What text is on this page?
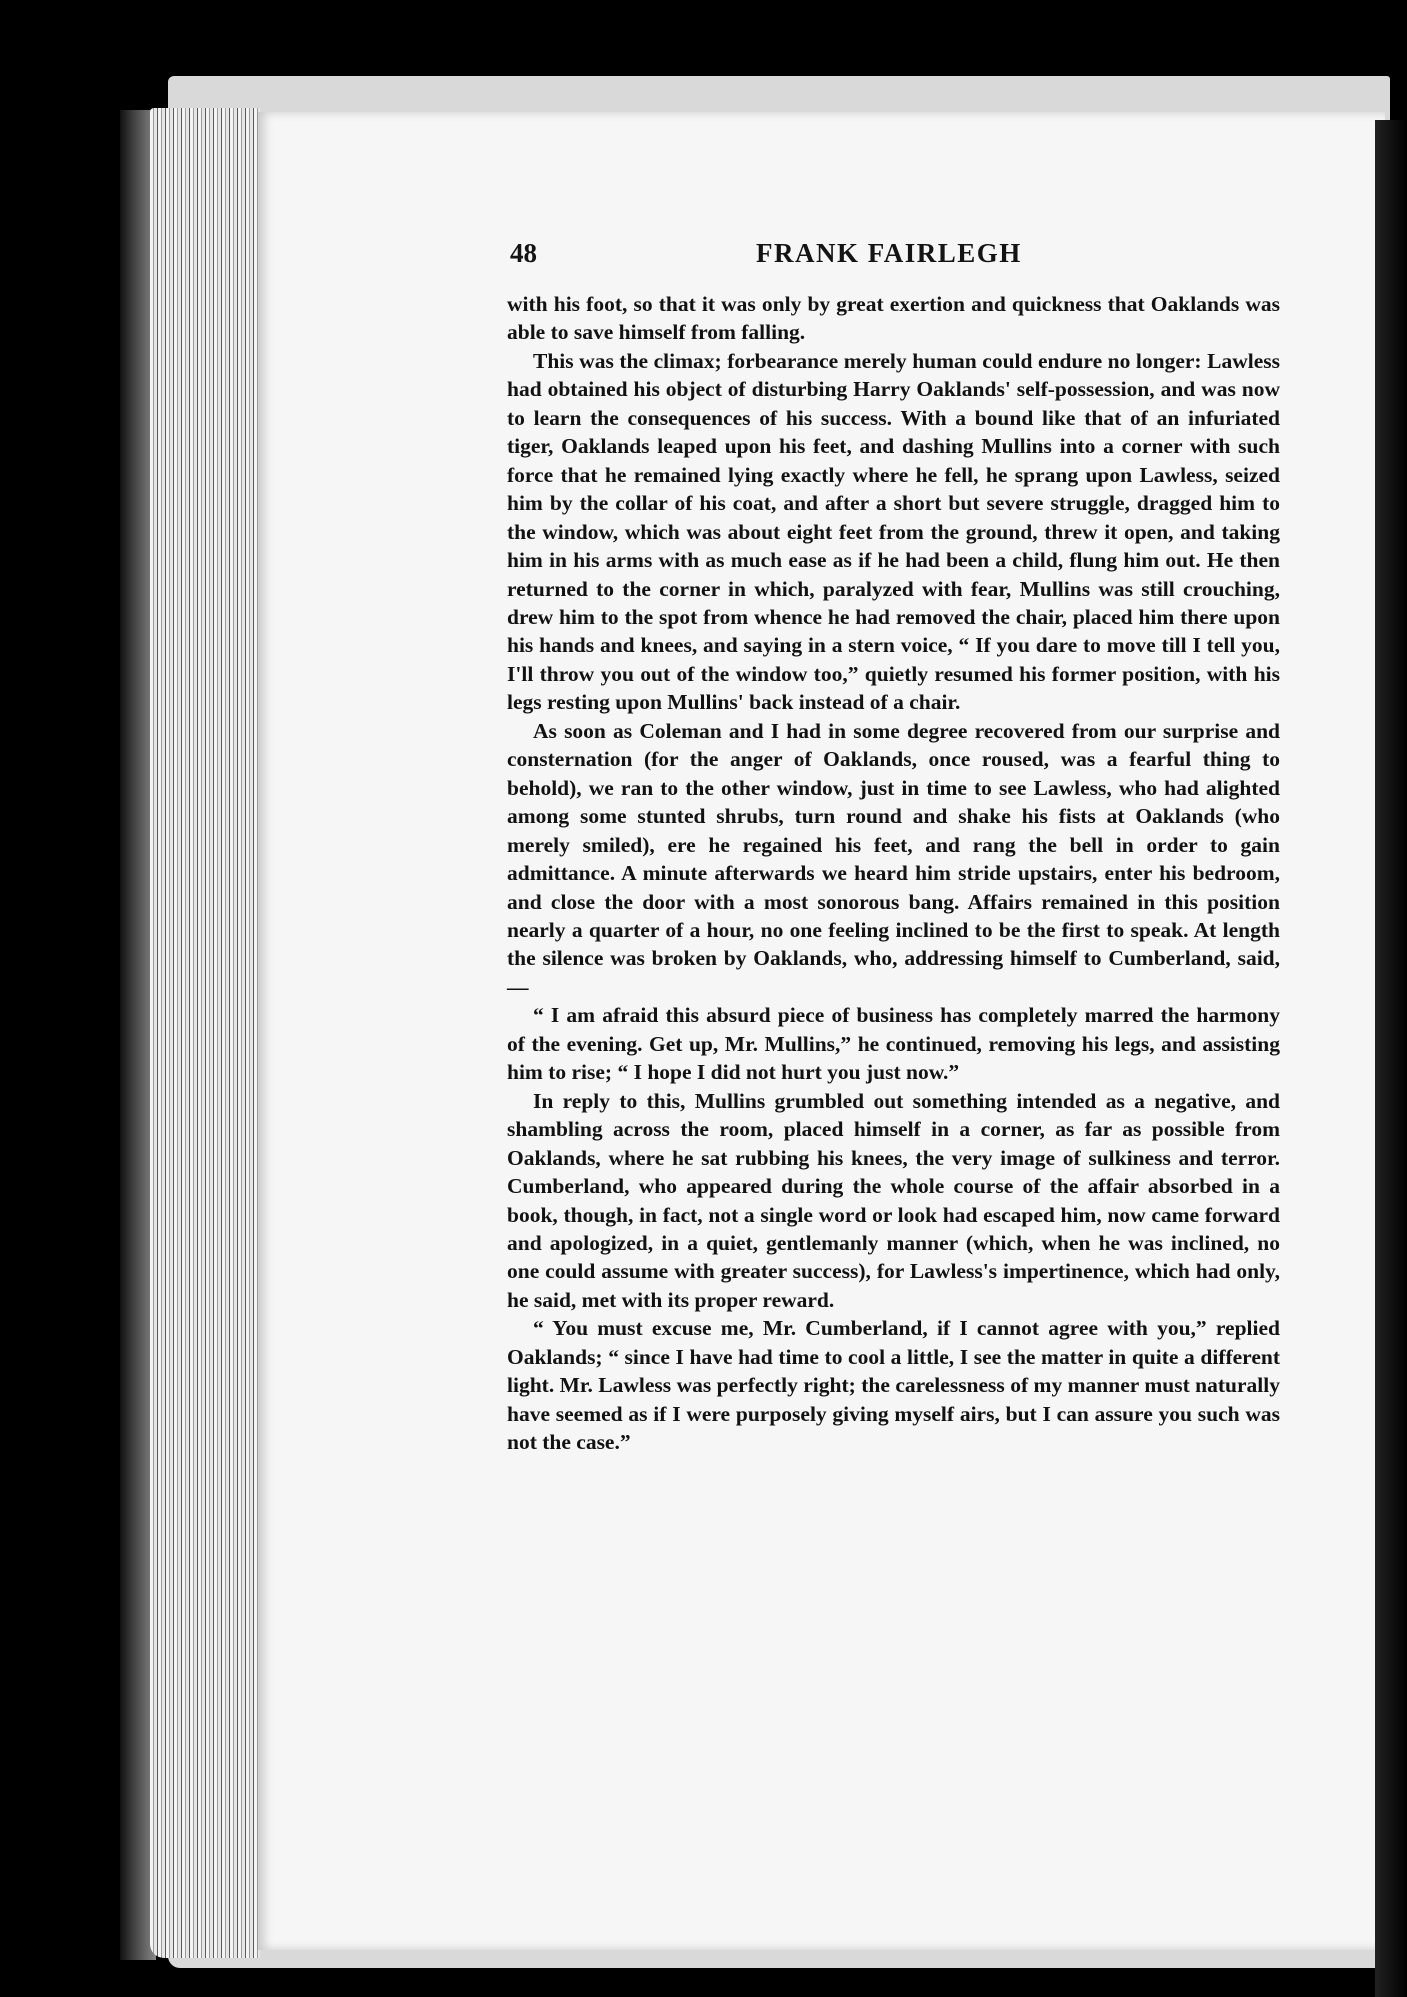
48	FRANK FAIRLEGH

with his foot, so that it was only by great exertion and quickness that Oaklands was able to save himself from falling.

This was the climax; forbearance merely human could endure no longer: Lawless had obtained his object of disturbing Harry Oaklands' self-possession, and was now to learn the consequences of his success. With a bound like that of an infuriated tiger, Oaklands leaped upon his feet, and dashing Mullins into a corner with such force that he remained lying exactly where he fell, he sprang upon Lawless, seized him by the collar of his coat, and after a short but severe struggle, dragged him to the window, which was about eight feet from the ground, threw it open, and taking him in his arms with as much ease as if he had been a child, flung him out. He then returned to the corner in which, paralyzed with fear, Mullins was still crouching, drew him to the spot from whence he had removed the chair, placed him there upon his hands and knees, and saying in a stern voice, “ If you dare to move till I tell you, I'll throw you out of the window too,” quietly resumed his former position, with his legs resting upon Mullins' back instead of a chair.

As soon as Coleman and I had in some degree recovered from our surprise and consternation (for the anger of Oaklands, once roused, was a fearful thing to behold), we ran to the other window, just in time to see Lawless, who had alighted among some stunted shrubs, turn round and shake his fists at Oaklands (who merely smiled), ere he regained his feet, and rang the bell in order to gain admittance. A minute afterwards we heard him stride upstairs, enter his bedroom, and close the door with a most sonorous bang. Affairs remained in this position nearly a quarter of a hour, no one feeling inclined to be the first to speak. At length the silence was broken by Oaklands, who, addressing himself to Cumberland, said,—

“ I am afraid this absurd piece of business has completely marred the harmony of the evening. Get up, Mr. Mullins,” he continued, removing his legs, and assisting him to rise; “ I hope I did not hurt you just now.”

In reply to this, Mullins grumbled out something intended as a negative, and shambling across the room, placed himself in a corner, as far as possible from Oaklands, where he sat rubbing his knees, the very image of sulkiness and terror. Cumberland, who appeared during the whole course of the affair absorbed in a book, though, in fact, not a single word or look had escaped him, now came forward and apologized, in a quiet, gentlemanly manner (which, when he was inclined, no one could assume with greater success), for Lawless's impertinence, which had only, he said, met with its proper reward.

“ You must excuse me, Mr. Cumberland, if I cannot agree with you,” replied Oaklands; “ since I have had time to cool a little, I see the matter in quite a different light. Mr. Lawless was perfectly right; the carelessness of my manner must naturally have seemed as if I were purposely giving myself airs, but I can assure you such was not the case.”
